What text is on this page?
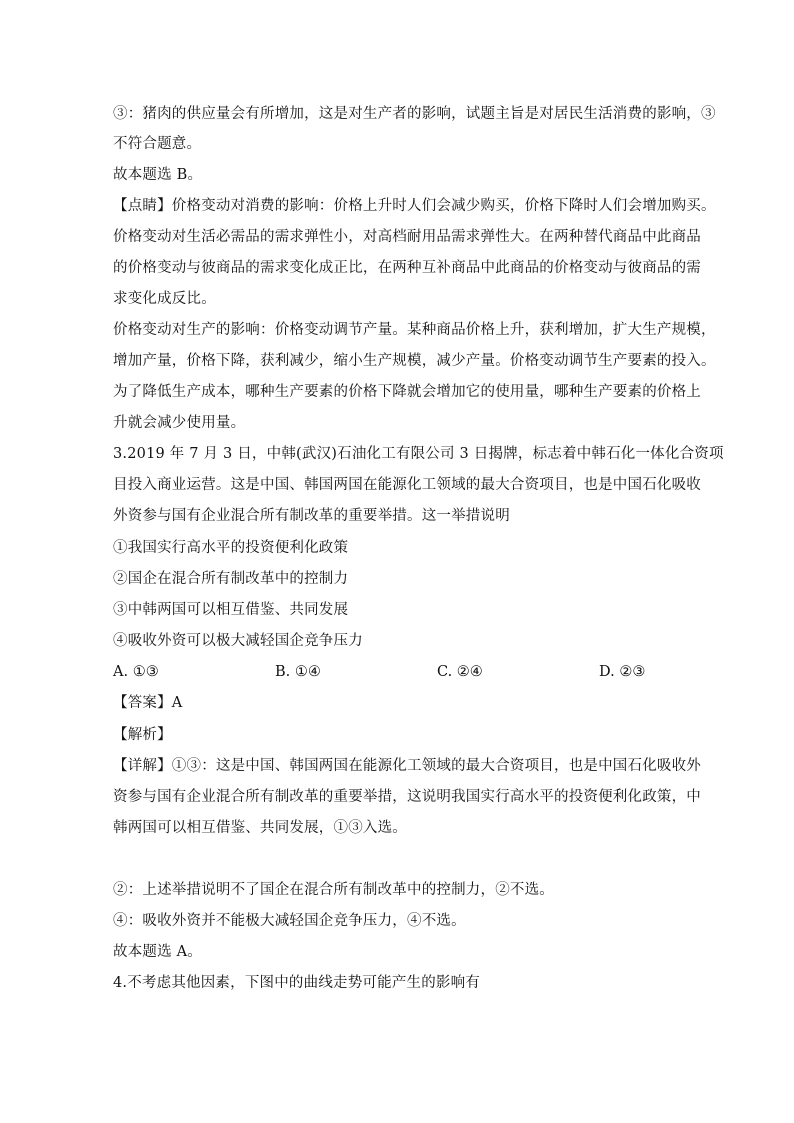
③：猪肉的供应量会有所增加，这是对生产者的影响，试题主旨是对居民生活消费的影响，③
不符合题意。
故本题选 B。
【点睛】价格变动对消费的影响：价格上升时人们会减少购买，价格下降时人们会增加购买。
价格变动对生活必需品的需求弹性小，对高档耐用品需求弹性大。在两种替代商品中此商品
的价格变动与彼商品的需求变化成正比，在两种互补商品中此商品的价格变动与彼商品的需
求变化成反比。
价格变动对生产的影响：价格变动调节产量。某种商品价格上升，获利增加，扩大生产规模，
增加产量，价格下降，获利减少，缩小生产规模，减少产量。价格变动调节生产要素的投入。
为了降低生产成本，哪种生产要素的价格下降就会增加它的使用量，哪种生产要素的价格上
升就会减少使用量。
3.2019 年 7 月 3 日，中韩(武汉)石油化工有限公司 3 日揭牌，标志着中韩石化一体化合资项
目投入商业运营。这是中国、韩国两国在能源化工领域的最大合资项目，也是中国石化吸收
外资参与国有企业混合所有制改革的重要举措。这一举措说明
①我国实行高水平的投资便利化政策
②国企在混合所有制改革中的控制力
③中韩两国可以相互借鉴、共同发展
④吸收外资可以极大减轻国企竞争压力
A. ①③	B. ①④	C. ②④	D. ②③
【答案】A
【解析】
【详解】①③：这是中国、韩国两国在能源化工领域的最大合资项目，也是中国石化吸收外
资参与国有企业混合所有制改革的重要举措，这说明我国实行高水平的投资便利化政策，中
韩两国可以相互借鉴、共同发展，①③入选。
②：上述举措说明不了国企在混合所有制改革中的控制力，②不选。
④：吸收外资并不能极大减轻国企竞争压力，④不选。
故本题选 A。
4.不考虑其他因素，下图中的曲线走势可能产生的影响有
